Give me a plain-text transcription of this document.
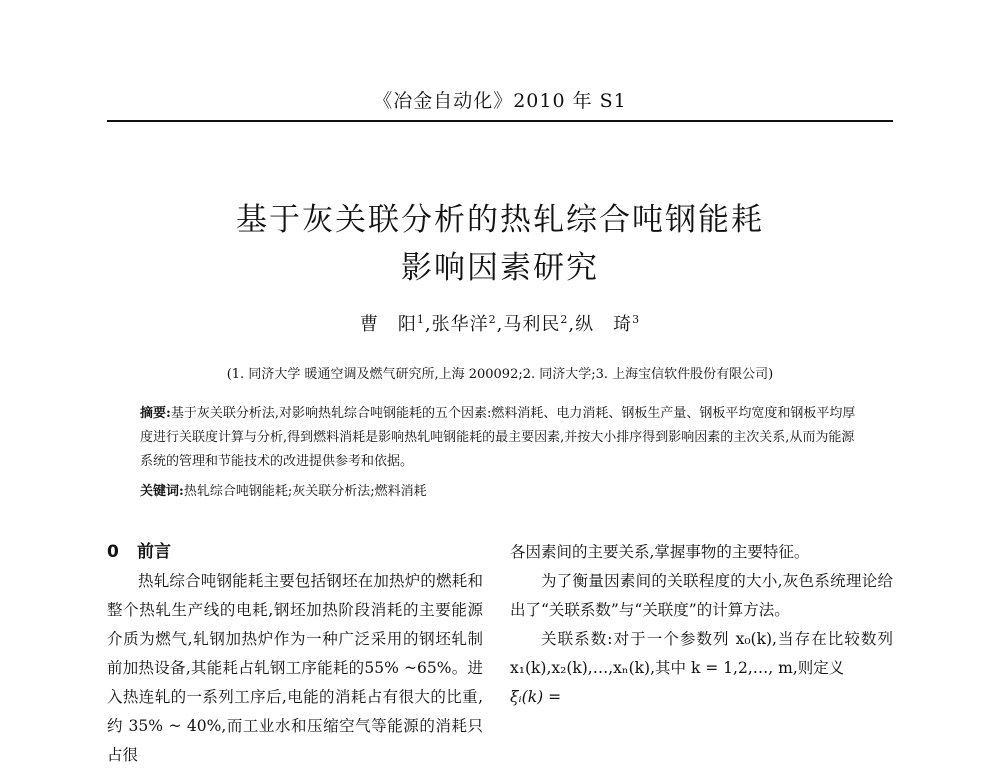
《冶金自动化》2010 年 S1
基于灰关联分析的热轧综合吨钢能耗
影响因素研究
曹　阳$^1$,张华洋$^2$,马利民$^2$,纵　琦$^3$
(1. 同济大学 暖通空调及燃气研究所,上海 200092;2. 同济大学;3. 上海宝信软件股份有限公司)
摘要:基于灰关联分析法,对影响热轧综合吨钢能耗的五个因素:燃料消耗、电力消耗、钢板生产量、钢板平均宽度和钢板平均厚度进行关联度计算与分析,得到燃料消耗是影响热轧吨钢能耗的最主要因素,并按大小排序得到影响因素的主次关系,从而为能源系统的管理和节能技术的改进提供参考和依据。
关键词:热轧综合吨钢能耗;灰关联分析法;燃料消耗
0 前言

热轧综合吨钢能耗主要包括钢坯在加热炉的燃耗和整个热轧生产线的电耗,钢坯加热阶段消耗的主要能源介质为燃气,轧钢加热炉作为一种广泛采用的钢坯轧制前加热设备,其能耗占轧钢工序能耗的55% ~65%。进入热连轧的一系列工序后,电能的消耗占有很大的比重,约 35% ~ 40%,而工业水和压缩空气等能源的消耗只占很

各因素间的主要关系,掌握事物的主要特征。

为了衡量因素间的关联程度的大小,灰色系统理论给出了“关联系数”与“关联度”的计算方法。

关联系数:对于一个参数列 x₀(k),当存在比较数列 x₁(k),x₂(k),…,xₙ(k),其中 k = 1,2,…, m,则定义

ξᵢ(k) =
